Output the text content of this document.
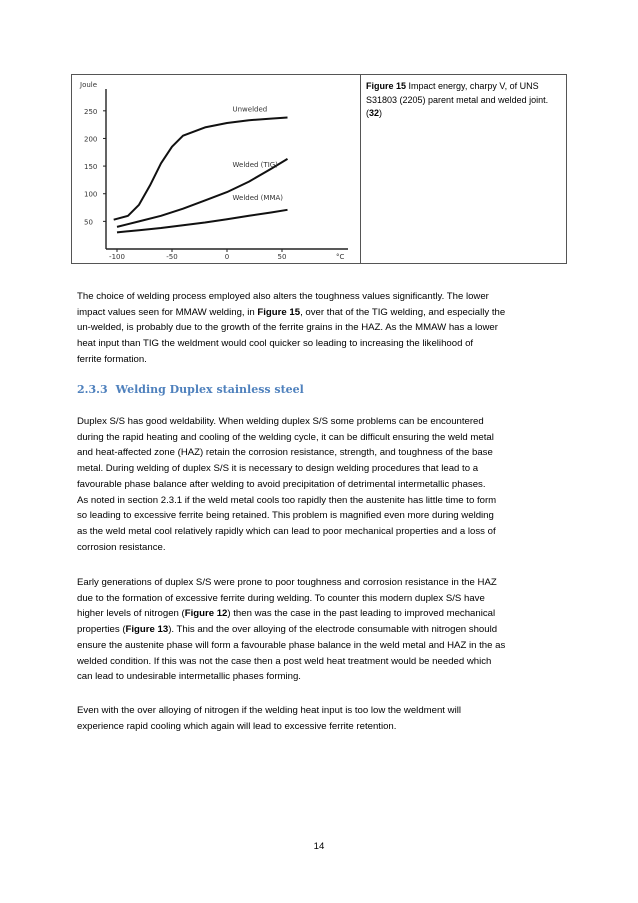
Joule
50
100
150
200
250
-100	-50	0	50	°C
Unwelded
Welded (TIG)
Welded (MMA)
Figure 15 Impact energy, charpy V, of UNS S31803 (2205) parent metal and welded joint. (32)
The choice of welding process employed also alters the toughness values significantly. The lower
impact values seen for MMAW welding, in Figure 15, over that of the TIG welding, and especially the
un-welded, is probably due to the growth of the ferrite grains in the HAZ. As the MMAW has a lower
heat input than TIG the weldment would cool quicker so leading to increasing the likelihood of
ferrite formation.
2.3.3 Welding Duplex stainless steel
Duplex S/S has good weldability. When welding duplex S/S some problems can be encountered
during the rapid heating and cooling of the welding cycle, it can be difficult ensuring the weld metal
and heat-affected zone (HAZ) retain the corrosion resistance, strength, and toughness of the base
metal. During welding of duplex S/S it is necessary to design welding procedures that lead to a
favourable phase balance after welding to avoid precipitation of detrimental intermetallic phases.
As noted in section 2.3.1 if the weld metal cools too rapidly then the austenite has little time to form
so leading to excessive ferrite being retained. This problem is magnified even more during welding
as the weld metal cool relatively rapidly which can lead to poor mechanical properties and a loss of
corrosion resistance.
Early generations of duplex S/S were prone to poor toughness and corrosion resistance in the HAZ
due to the formation of excessive ferrite during welding. To counter this modern duplex S/S have
higher levels of nitrogen (Figure 12) then was the case in the past leading to improved mechanical
properties (Figure 13). This and the over alloying of the electrode consumable with nitrogen should
ensure the austenite phase will form a favourable phase balance in the weld metal and HAZ in the as
welded condition. If this was not the case then a post weld heat treatment would be needed which
can lead to undesirable intermetallic phases forming.
Even with the over alloying of nitrogen if the welding heat input is too low the weldment will
experience rapid cooling which again will lead to excessive ferrite retention.
14
